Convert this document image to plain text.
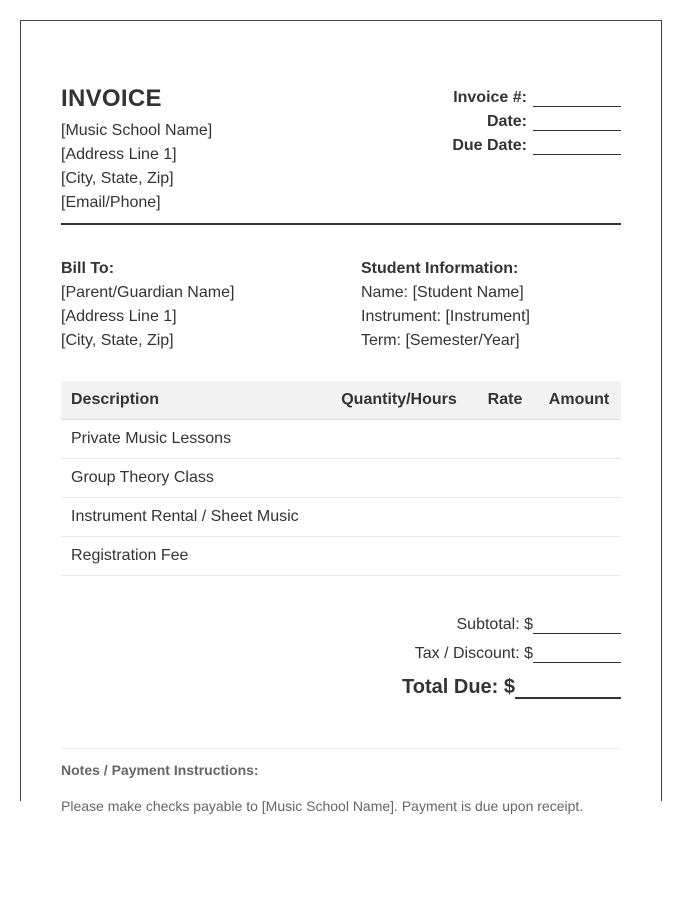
INVOICE
[Music School Name]
[Address Line 1]
[City, State, Zip]
[Email/Phone]
Invoice #:
Date:
Due Date:
Bill To:
[Parent/Guardian Name]
[Address Line 1]
[City, State, Zip]
Student Information:
Name: [Student Name]
Instrument: [Instrument]
Term: [Semester/Year]
Description	Quantity/Hours	Rate	Amount
Private Music Lessons
Group Theory Class
Instrument Rental / Sheet Music
Registration Fee
Subtotal: $
Tax / Discount: $
Total Due: $
Notes / Payment Instructions:
Please make checks payable to [Music School Name]. Payment is due upon receipt.
